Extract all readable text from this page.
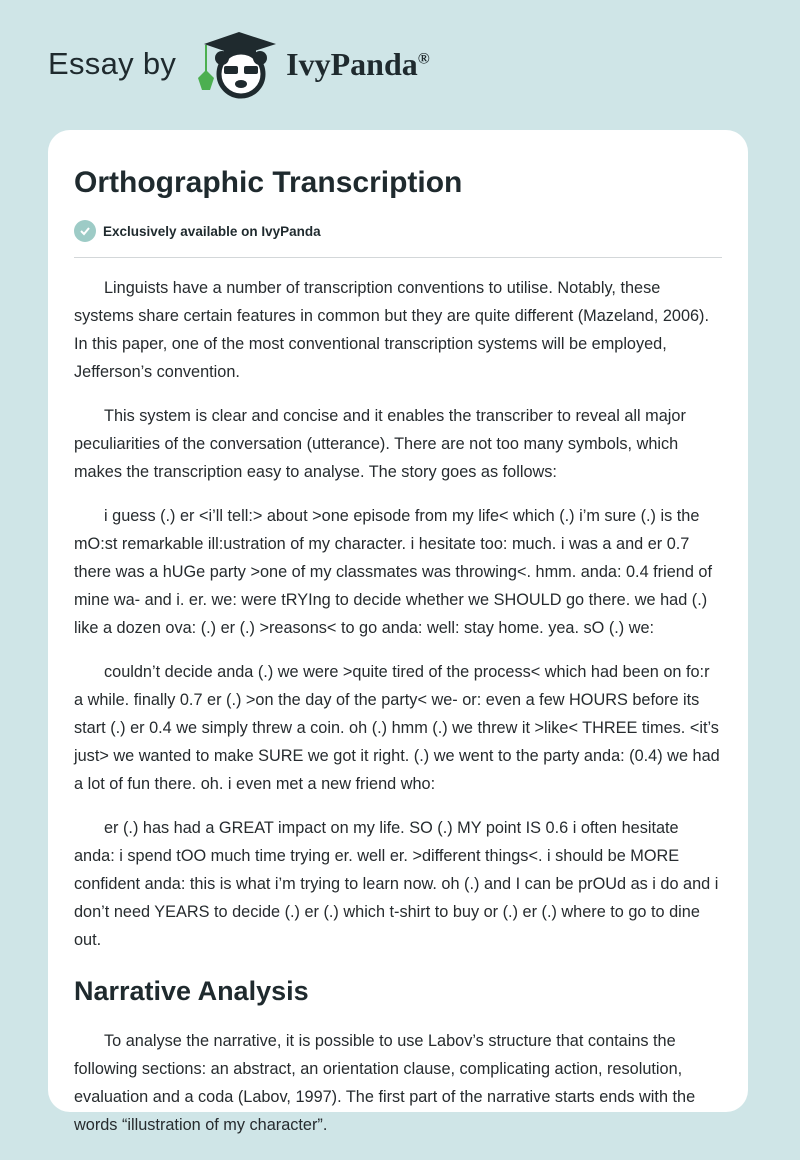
Essay by	IvyPanda®
Orthographic Transcription
Exclusively available on IvyPanda

Linguists have a number of transcription conventions to utilise. Notably, these systems share certain features in common but they are quite different (Mazeland, 2006). In this paper, one of the most conventional transcription systems will be employed, Jefferson’s convention.

This system is clear and concise and it enables the transcriber to reveal all major peculiarities of the conversation (utterance). There are not too many symbols, which makes the transcription easy to analyse. The story goes as follows:

i guess (.) er <i’ll tell:> about >one episode from my life< which (.) i’m sure (.) is the mO:st remarkable ill:ustration of my character. i hesitate too: much. i was a and er 0.7 there was a hUGe party >one of my classmates was throwing<. hmm. anda: 0.4 friend of mine wa- and i. er. we: were tRYIng to decide whether we SHOULD go there. we had (.) like a dozen ova: (.) er (.) >reasons< to go anda: well: stay home. yea. sO (.) we:

couldn’t decide anda (.) we were >quite tired of the process< which had been on fo:r a while. finally 0.7 er (.) >on the day of the party< we- or: even a few HOURS before its start (.) er 0.4 we simply threw a coin. oh (.) hmm (.) we threw it >like< THREE times. <it’s just> we wanted to make SURE we got it right. (.) we went to the party anda: (0.4) we had a lot of fun there. oh. i even met a new friend who:

er (.) has had a GREAT impact on my life. SO (.) MY point IS 0.6 i often hesitate anda: i spend tOO much time trying er. well er. >different things<. i should be MORE confident anda: this is what i’m trying to learn now. oh (.) and I can be prOUd as i do and i don’t need YEARS to decide (.) er (.) which t-shirt to buy or (.) er (.) where to go to dine out.

Narrative Analysis

To analyse the narrative, it is possible to use Labov’s structure that contains the following sections: an abstract, an orientation clause, complicating action, resolution, evaluation and a coda (Labov, 1997). The first part of the narrative starts ends with the words “illustration of my character”.
